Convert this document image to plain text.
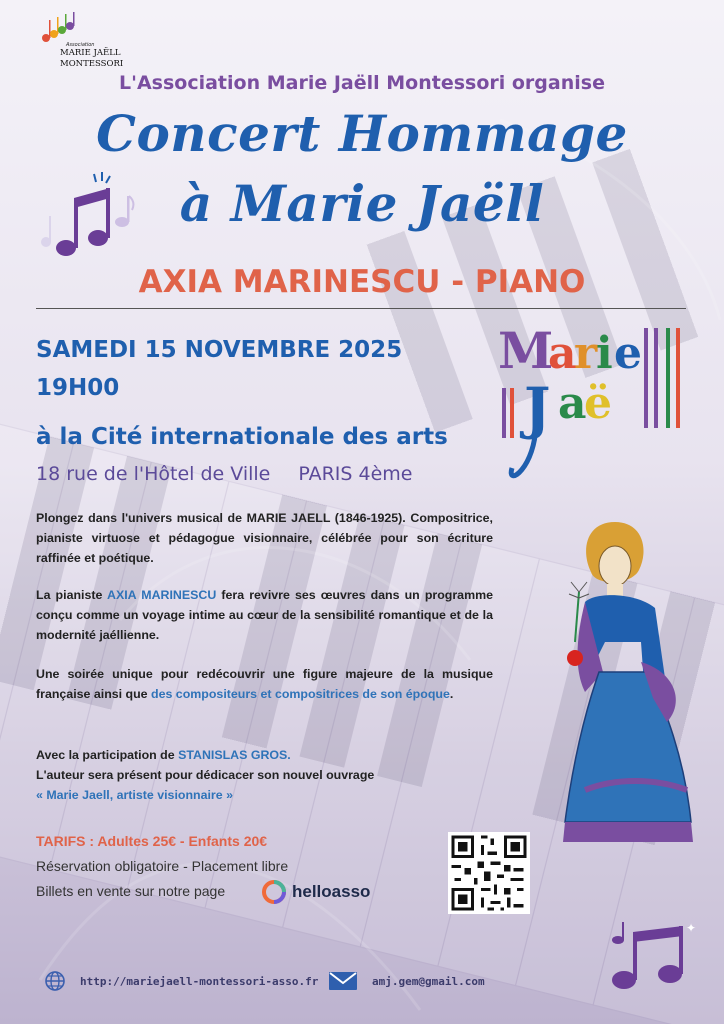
Association
MARIE JAËLL
MONTESSORI
L'Association Marie Jaëll Montessori organise
Concert Hommage
à Marie Jaëll
AXIA MARINESCU - PIANO
SAMEDI 15 NOVEMBRE 2025
19H00
à la Cité internationale des arts
18 rue de l'Hôtel de Ville PARIS 4ème
M
a
r
i e
J a
ë
Plongez dans l'univers musical de MARIE JAELL (1846-1925). Compositrice, pianiste virtuose et pédagogue visionnaire, célébrée pour son écriture raffinée et poétique.
La pianiste AXIA MARINESCU fera revivre ses œuvres dans un programme conçu comme un voyage intime au cœur de la sensibilité romantique et de la modernité jaéllienne.
Une soirée unique pour redécouvrir une figure majeure de la musique française ainsi que des compositeurs et compositrices de son époque.
Avec la participation de STANISLAS GROS.
L'auteur sera présent pour dédicacer son nouvel ouvrage
« Marie Jaell, artiste visionnaire »
TARIFS : Adultes 25€ - Enfants 20€
Réservation obligatoire - Placement libre
Billets en vente sur notre page	helloasso
✦
http://mariejaell-montessori-asso.fr	amj.gem@gmail.com
